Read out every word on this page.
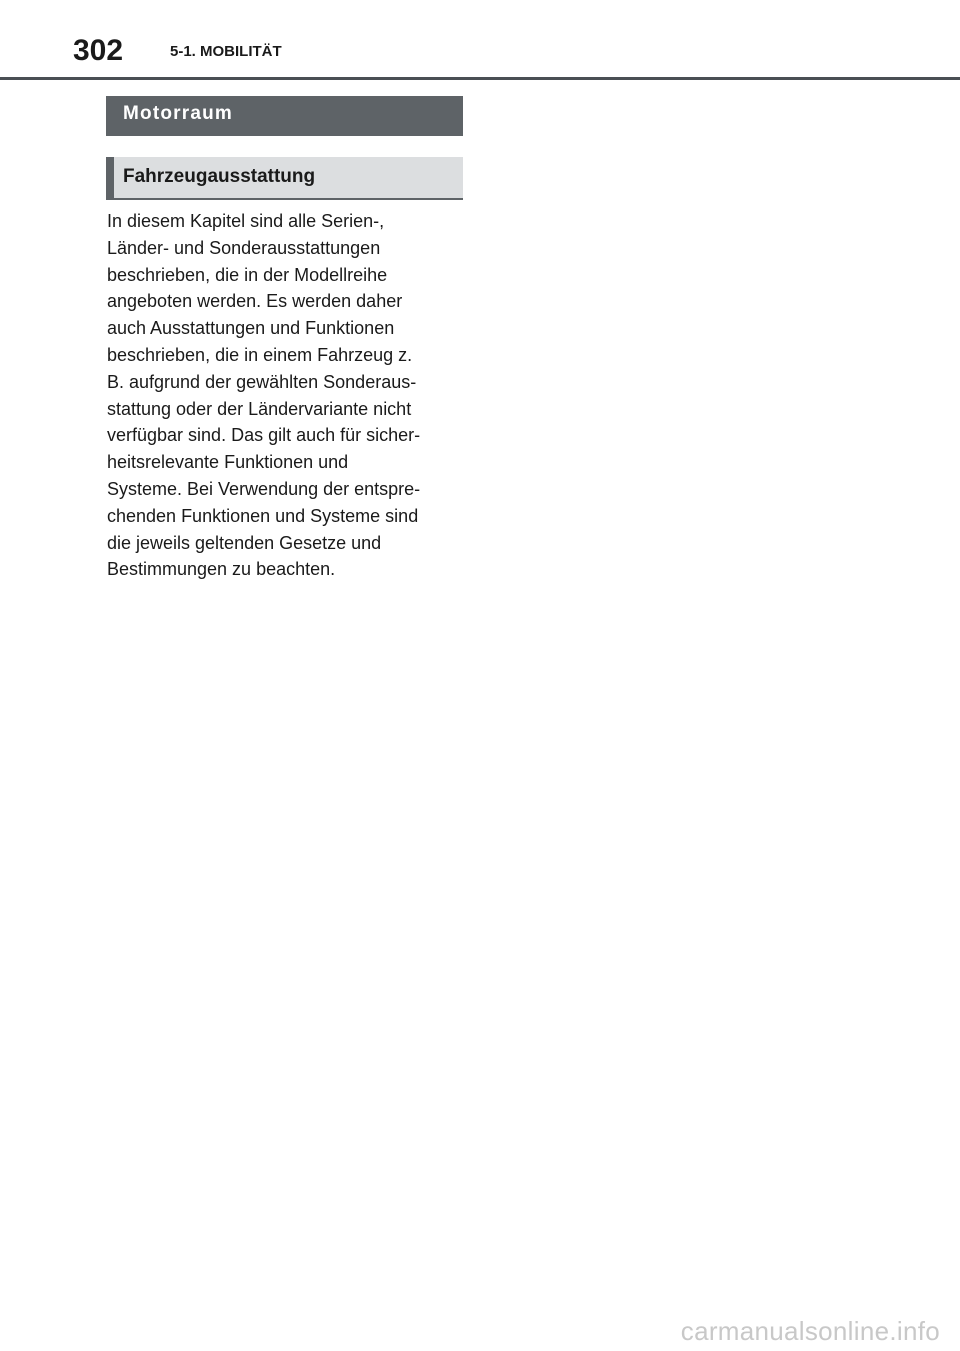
302	5-1. MOBILITÄT
Motorraum
Fahrzeugausstattung
In diesem Kapitel sind alle Serien-,
Länder- und Sonderausstattungen
beschrieben, die in der Modellreihe
angeboten werden. Es werden daher
auch Ausstattungen und Funktionen
beschrieben, die in einem Fahrzeug z.
B. aufgrund der gewählten Sonderaus-
stattung oder der Ländervariante nicht
verfügbar sind. Das gilt auch für sicher-
heitsrelevante Funktionen und
Systeme. Bei Verwendung der entspre-
chenden Funktionen und Systeme sind
die jeweils geltenden Gesetze und
Bestimmungen zu beachten.
carmanualsonline.info
